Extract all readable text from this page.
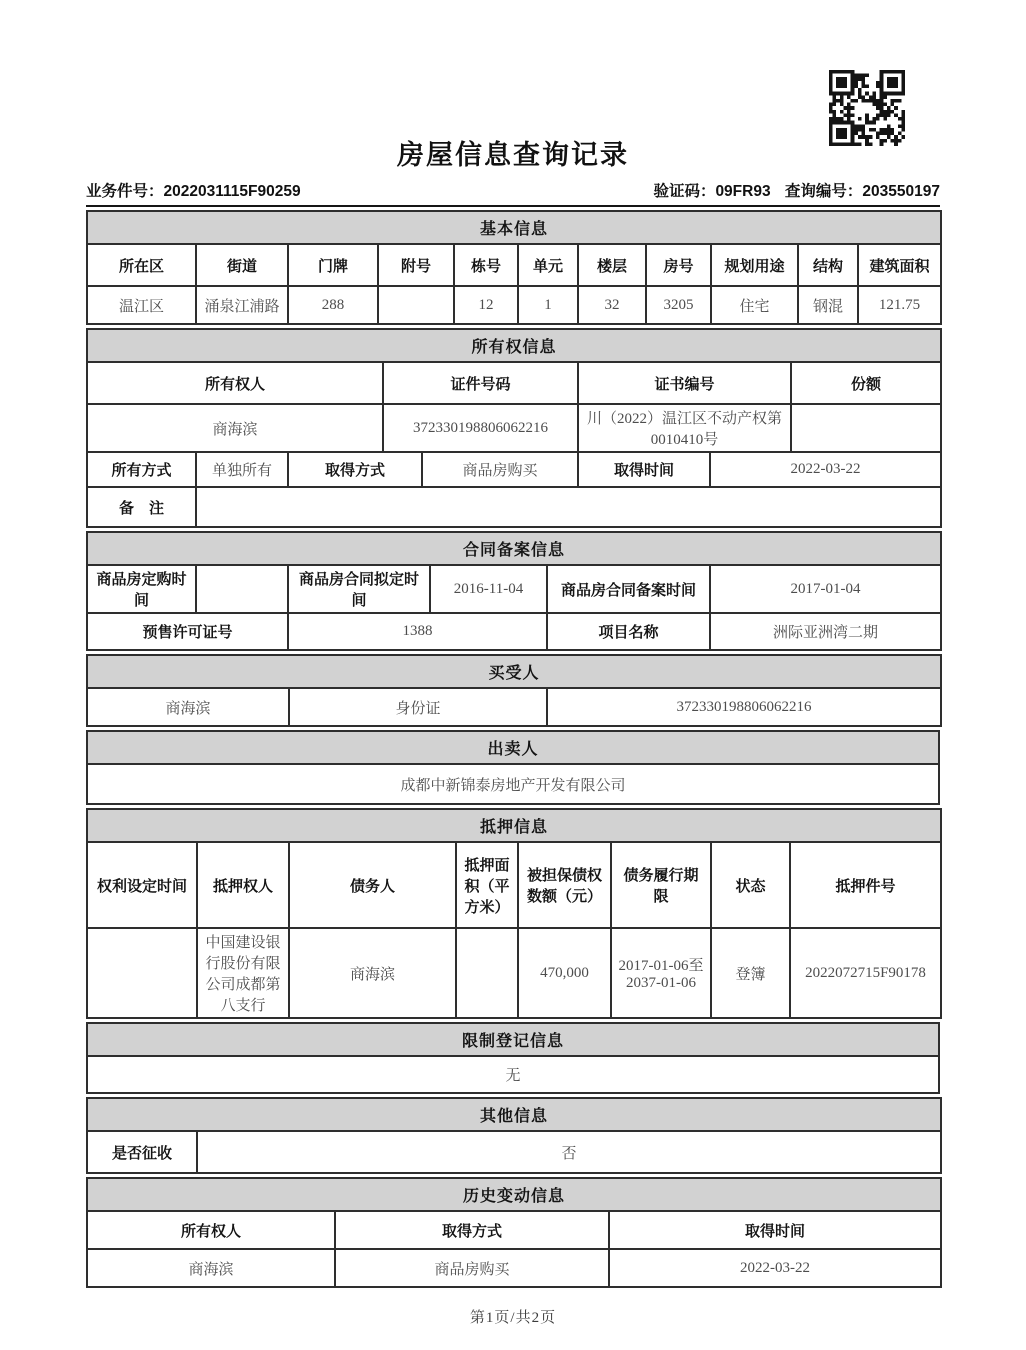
房屋信息查询记录
业务件号：2022031115F90259	验证码：09FR93 查询编号：203550197
基本信息										
所在区	街道	门牌	附号	栋号	单元	楼层	房号	规划用途	结构	建筑面积
温江区	涌泉江浦路	288		12	1	32	3205	住宅	钢混	121.75
所有权信息			
所有权人	证件号码	证书编号	份额
商海滨	372330198806062216	川（2022）温江区不动产权第0010410号	
所有方式	单独所有	取得方式	商品房购买	取得时间	2022-03-22
备　注	
合同备案信息
商品房定购时间		商品房合同拟定时间	2016-11-04	商品房合同备案时间	2017-01-04
预售许可证号	1388	项目名称	洲际亚洲湾二期
买受人
商海滨	身份证	372330198806062216
出卖人
成都中新锦泰房地产开发有限公司
抵押信息							
权利设定时间	抵押权人	债务人	抵押面积（平方米）	被担保债权数额（元）	债务履行期限	状态	抵押件号
	中国建设银行股份有限公司成都第八支行	商海滨		470,000	2017-01-06至2037-01-06	登簿	2022072715F90178
限制登记信息
无
其他信息
是否征收	否
历史变动信息		
所有权人	取得方式	取得时间
商海滨	商品房购买	2022-03-22
第1页/共2页
